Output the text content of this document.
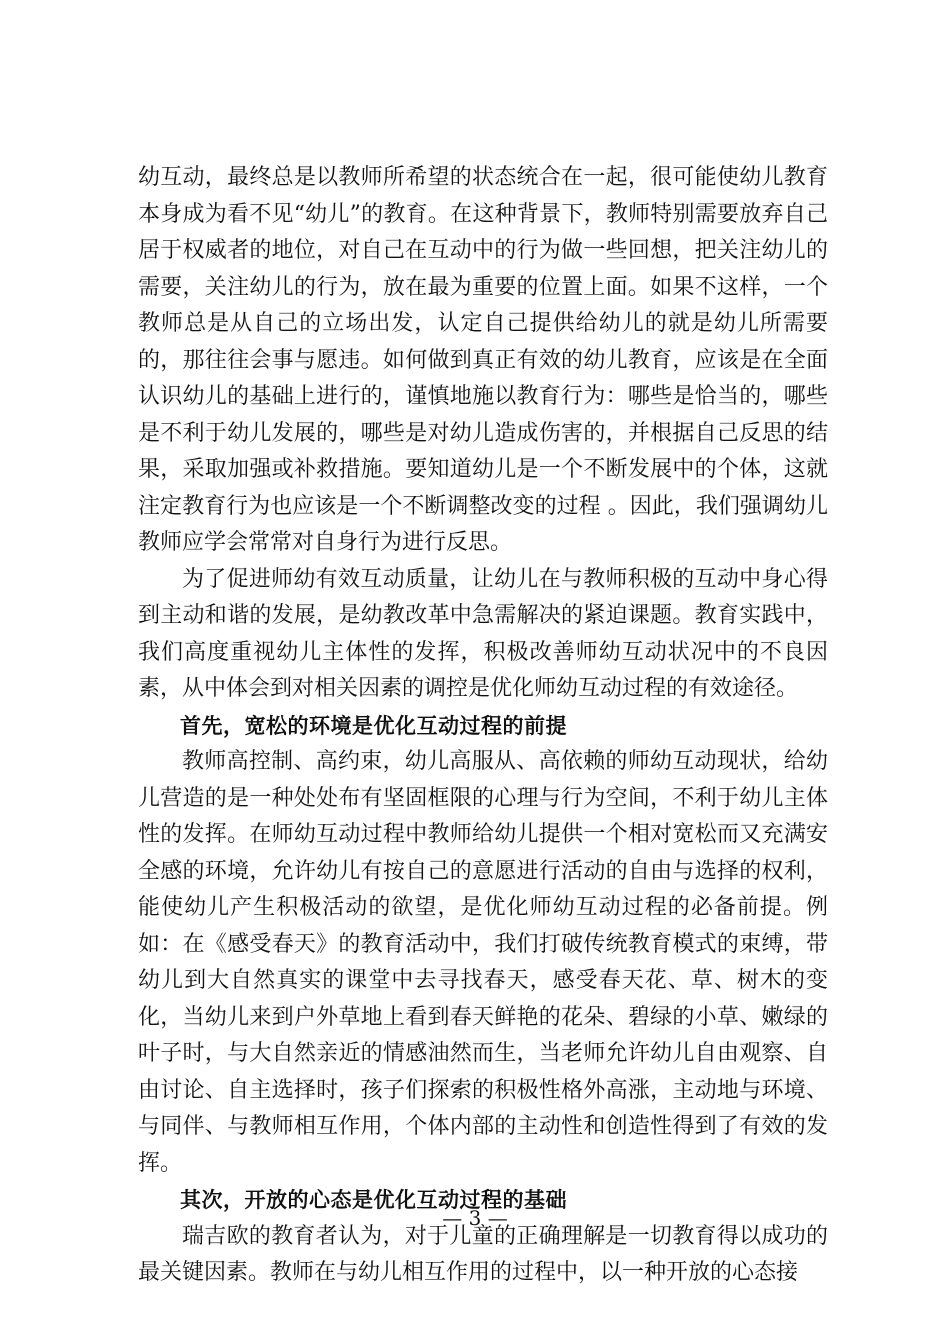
幼互动，最终总是以教师所希望的状态统合在一起，很可能使幼儿教育本身成为看不见“幼儿”的教育。在这种背景下，教师特别需要放弃自己居于权威者的地位，对自己在互动中的行为做一些回想，把关注幼儿的需要，关注幼儿的行为，放在最为重要的位置上面。如果不这样，一个教师总是从自己的立场出发，认定自己提供给幼儿的就是幼儿所需要的，那往往会事与愿违。如何做到真正有效的幼儿教育，应该是在全面认识幼儿的基础上进行的，谨慎地施以教育行为：哪些是恰当的，哪些是不利于幼儿发展的，哪些是对幼儿造成伤害的，并根据自己反思的结果，采取加强或补救措施。要知道幼儿是一个不断发展中的个体，这就注定教育行为也应该是一个不断调整改变的过程 。因此，我们强调幼儿教师应学会常常对自身行为进行反思。

为了促进师幼有效互动质量，让幼儿在与教师积极的互动中身心得到主动和谐的发展，是幼教改革中急需解决的紧迫课题。教育实践中，我们高度重视幼儿主体性的发挥，积极改善师幼互动状况中的不良因素，从中体会到对相关因素的调控是优化师幼互动过程的有效途径。

首先，宽松的环境是优化互动过程的前提

教师高控制、高约束，幼儿高服从、高依赖的师幼互动现状，给幼儿营造的是一种处处布有坚固框限的心理与行为空间，不利于幼儿主体性的发挥。在师幼互动过程中教师给幼儿提供一个相对宽松而又充满安全感的环境，允许幼儿有按自己的意愿进行活动的自由与选择的权利，能使幼儿产生积极活动的欲望，是优化师幼互动过程的必备前提。例如：在《感受春天》的教育活动中，我们打破传统教育模式的束缚，带幼儿到大自然真实的课堂中去寻找春天，感受春天花、草、树木的变化，当幼儿来到户外草地上看到春天鲜艳的花朵、碧绿的小草、嫩绿的叶子时，与大自然亲近的情感油然而生，当老师允许幼儿自由观察、自由讨论、自主选择时，孩子们探索的积极性格外高涨，主动地与环境、与同伴、与教师相互作用，个体内部的主动性和创造性得到了有效的发挥。

其次，开放的心态是优化互动过程的基础

瑞吉欧的教育者认为，对于儿童的正确理解是一切教育得以成功的最关键因素。教师在与幼儿相互作用的过程中，以一种开放的心态接

— 3 —
